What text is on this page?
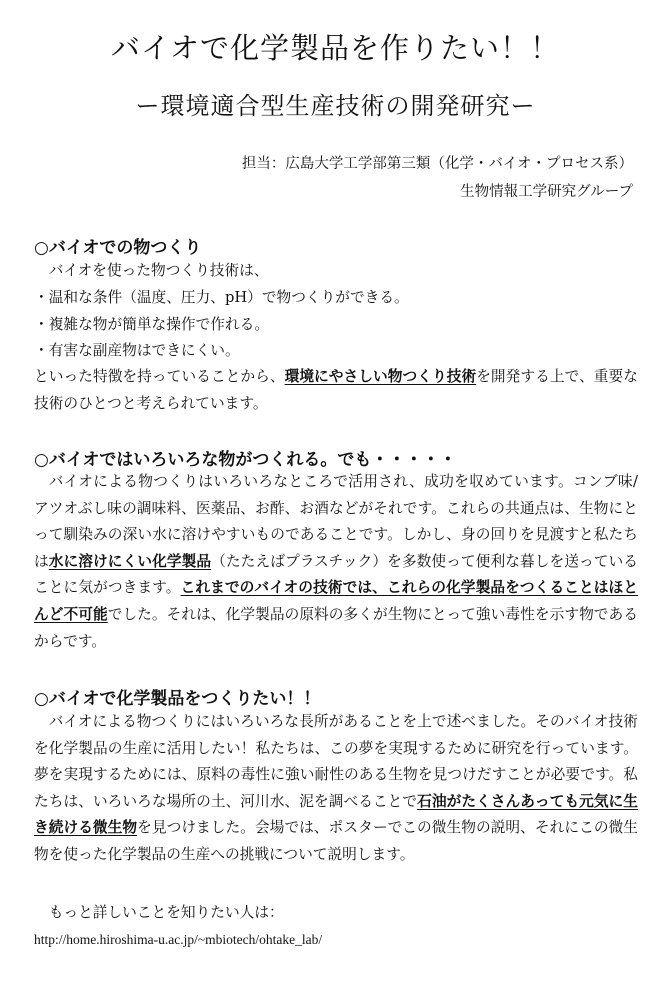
バイオで化学製品を作りたい！！
ー環境適合型生産技術の開発研究ー

担当：広島大学工学部第三類（化学・バイオ・プロセス系）

生物情報工学研究グループ

○バイオでの物つくり

バイオを使った物つくり技術は、

・ 温和な条件（温度、圧力、pH）で物つくりができる。
・ 複雑な物が簡単な操作で作れる。
・ 有害な副産物はできにくい。

といった特徴を持っていることから、環境にやさしい物つくり技術を開発する上で、重要な技術のひとつと考えられています。

○バイオではいろいろな物がつくれる。でも・・・・・

バイオによる物つくりはいろいろなところで活用され、成功を収めています。コンブ味/アツオぶし味の調味料、医薬品、お酢、お酒などがそれです。これらの共通点は、生物にとって馴染みの深い水に溶けやすいものであることです。しかし、身の回りを見渡すと私たちは水に溶けにくい化学製品（たたえばプラスチック）を多数使って便利な暮しを送っていることに気がつきます。これまでのバイオの技術では、これらの化学製品をつくることはほとんど不可能でした。それは、化学製品の原料の多くが生物にとって強い毒性を示す物であるからです。

○バイオで化学製品をつくりたい！！

バイオによる物つくりにはいろいろな長所があることを上で述べました。そのバイオ技術を化学製品の生産に活用したい！私たちは、この夢を実現するために研究を行っています。夢を実現するためには、原料の毒性に強い耐性のある生物を見つけだすことが必要です。私たちは、いろいろな場所の土、河川水、泥を調べることで石油がたくさんあっても元気に生き続ける微生物を見つけました。会場では、ポスターでこの微生物の説明、それにこの微生物を使った化学製品の生産への挑戦について説明します。

もっと詳しいことを知りたい人は：

http://home.hiroshima-u.ac.jp/~mbiotech/ohtake_lab/
